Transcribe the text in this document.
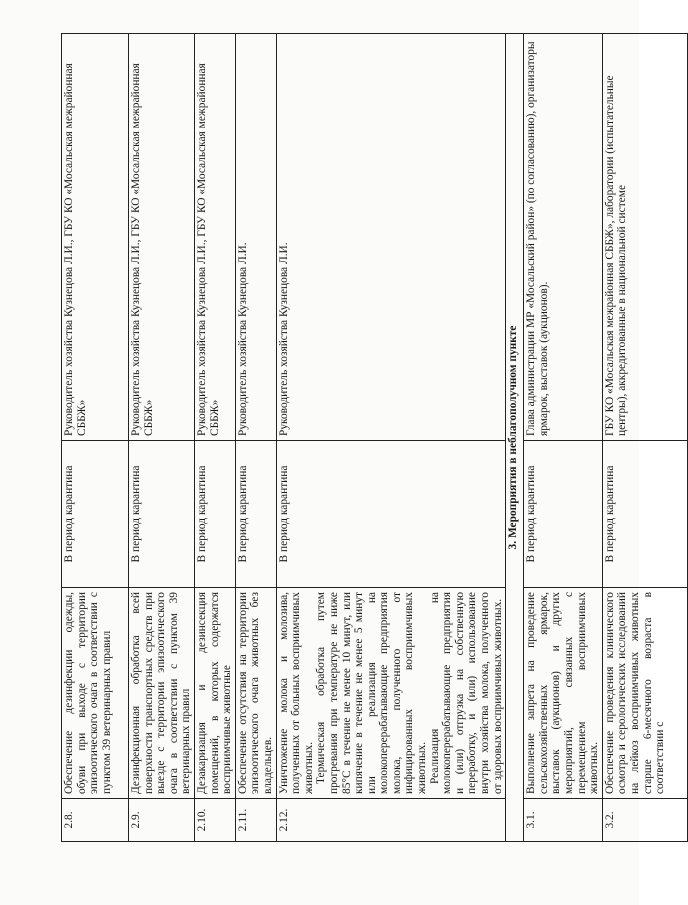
2.8.	Обеспечение дезинфекции одежды, обуви при выходе с территории эпизоотического очага в соответствии с пунктом 39 ветеринарных правил	В период карантина	Руководитель хозяйства Кузнецова Л.И., ГБУ КО «Мосальская межрайонная СББЖ»
2.9.	Дезинфекционная обработка всей поверхности транспортных средств при выезде с территории эпизоотического очага в соответствии с пунктом 39 ветеринарных правил	В период карантина	Руководитель хозяйства Кузнецова Л.И., ГБУ КО «Мосальская межрайонная СББЖ»
2.10.	Дезакаризация и дезинсекция помещений, в которых содержатся восприимчивые животные	В период карантина	Руководитель хозяйства Кузнецова Л.И., ГБУ КО «Мосальская межрайонная СББЖ»
2.11.	Обеспечение отсутствия на территории эпизоотического очага животных без владельцев.	В период карантина	Руководитель хозяйства Кузнецова Л.И.
2.12.	Уничтожение молока и молозива, полученных от больных восприимчивых животных. Термическая обработка путем прогревания при температуре не ниже 85°С в течение не менее 10 минут, или кипячение в течение не менее 5 минут или реализация на молокоперерабатывающие предприятия молока, полученного от инфицированных восприимчивых животных. Реализация на молокоперерабатывающие предприятия и (или) отгрузка на собственную переработку, и (или) использование внутри хозяйства молока, полученного от здоровых восприимчивых животных.	В период карантина	Руководитель хозяйства Кузнецова Л.И.
3. Мероприятия в неблагополучном пункте			
3.1.	Выполнение запрета на проведение сельскохозяйственных ярмарок, выставок (аукционов) и других мероприятий, связанных с перемещением восприимчивых животных.	В период карантина	Глава администрации МР «Мосальский район» (по согласованию), организаторы ярмарок, выставок (аукционов).
3.2.	Обеспечение проведения клинического осмотра и серологических исследований на лейкоз восприимчивых животных старше 6-месячного возраста в соответствии с	В период карантина	ГБУ КО «Мосальская межрайонная СББЖ», лаборатории (испытательные центры), аккредитованные в национальной системе
